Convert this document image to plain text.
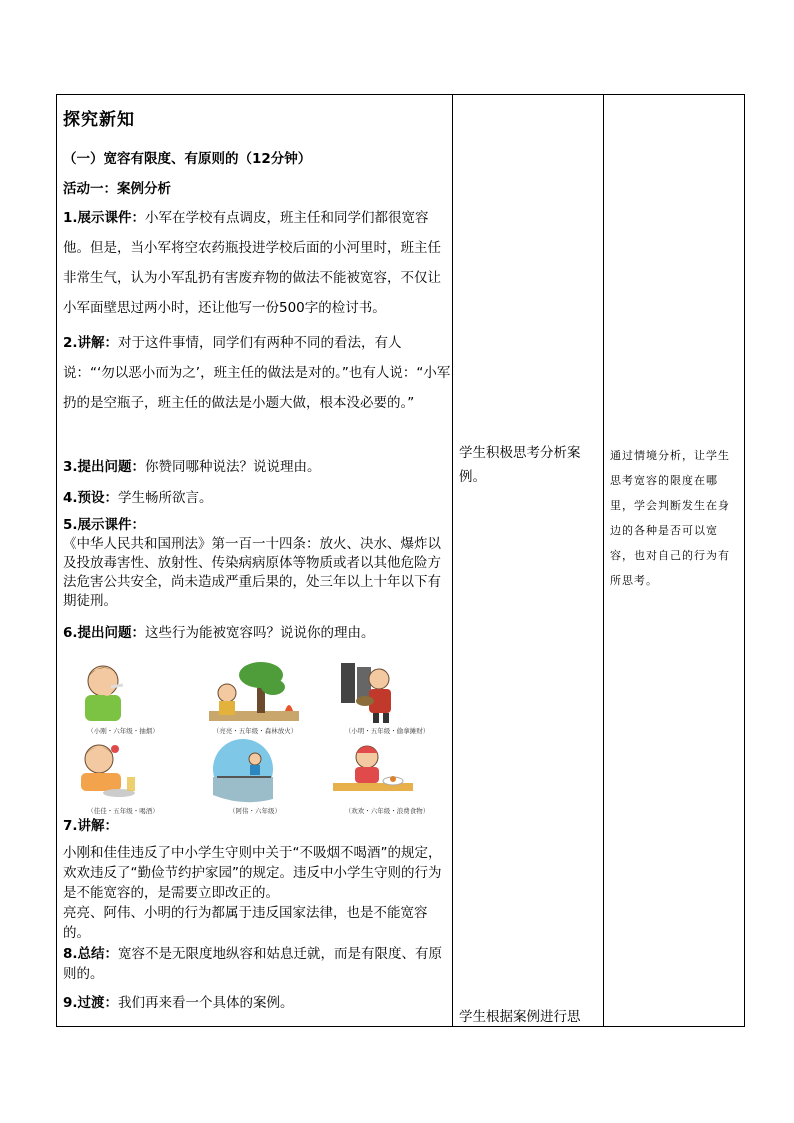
探究新知
（一）宽容有限度、有原则的（12分钟）
活动一：案例分析
1.展示课件：小军在学校有点调皮，班主任和同学们都很宽容他。但是，当小军将空农药瓶投进学校后面的小河里时，班主任非常生气，认为小军乱扔有害废弃物的做法不能被宽容，不仅让小军面壁思过两小时，还让他写一份500字的检讨书。
2.讲解：对于这件事情，同学们有两种不同的看法，有人说：“‘勿以恶小而为之’，班主任的做法是对的。”也有人说：“小军扔的是空瓶子，班主任的做法是小题大做，根本没必要的。”
3.提出问题：你赞同哪种说法？说说理由。
4.预设：学生畅所欲言。
5.展示课件：
《中华人民共和国刑法》第一百一十四条：放火、决水、爆炸以及投放毒害性、放射性、传染病病原体等物质或者以其他危险方法危害公共安全，尚未造成严重后果的，处三年以上十年以下有期徒刑。
6.提出问题：这些行为能被宽容吗？说说你的理由。
（小刚・六年级・抽烟）	（亮亮・五年级・森林放火）	（小明・五年级・偷拿摊财）
（佳佳・五年级・喝酒）	（阿伟・六年级）	（欢欢・六年级・浪费食物）
7.讲解：
小刚和佳佳违反了中小学生守则中关于“不吸烟不喝酒”的规定，欢欢违反了“勤俭节约护家园”的规定。违反中小学生守则的行为是不能宽容的，是需要立即改正的。
亮亮、阿伟、小明的行为都属于违反国家法律，也是不能宽容的。
8.总结：宽容不是无限度地纵容和姑息迁就，而是有限度、有原则的。
9.过渡：我们再来看一个具体的案例。
学生积极思考分析案例。
学生根据案例进行思
通过情境分析，让学生思考宽容的限度在哪里，学会判断发生在身边的各种是否可以宽容，也对自己的行为有所思考。
